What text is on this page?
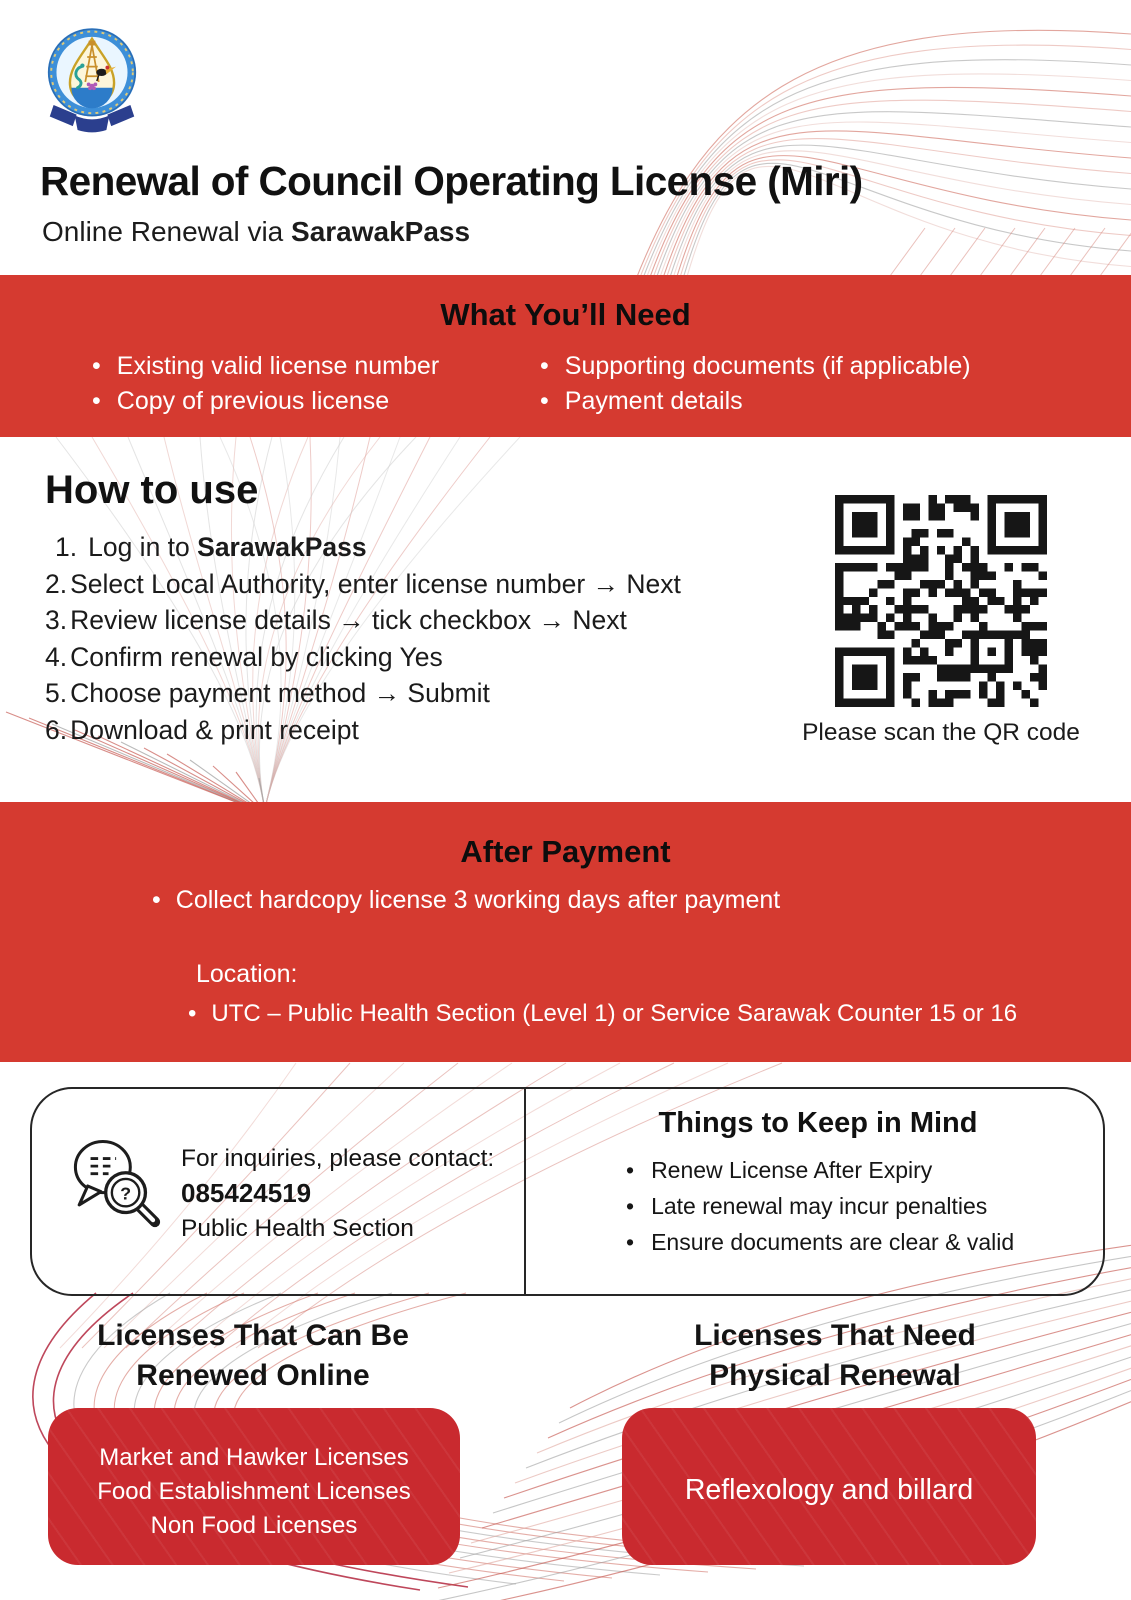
Renewal of Council Operating License (Miri)

Online Renewal via SarawakPass

What You’ll Need
• Existing valid license number
• Copy of previous license
• Supporting documents (if applicable)
• Payment details
How to use
1. Log in to SarawakPass
2. Select Local Authority, enter license number → Next
3. Review license details → tick checkbox → Next
4. Confirm renewal by clicking Yes
5. Choose payment method → Submit
6. Download & print receipt	Please scan the QR code
After Payment
• Collect hardcopy license 3 working days after payment
Location:
• UTC – Public Health Section (Level 1) or Service Sarawak Counter 15 or 16
?
For inquiries, please contact:
085424519
Public Health Section
Things to Keep in Mind
• Renew License After Expiry
• Late renewal may incur penalties
• Ensure documents are clear & valid
Licenses That Can Be
Renewed Online
Licenses That Need
Physical Renewal
Market and Hawker Licenses
Food Establishment Licenses
Non Food Licenses
Reflexology and billard
